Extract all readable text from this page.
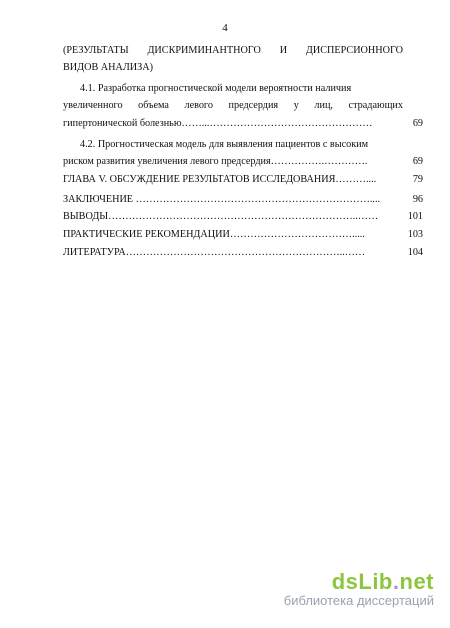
4
(РЕЗУЛЬТАТЫ ДИСКРИМИНАНТНОГО И ДИСПЕРСИОННОГО
ВИДОВ АНАЛИЗА)
4.1. Разработка прогностической модели вероятности наличия
увеличенного объема левого предсердия у лиц, страдающих
гипертонической болезнью……...…………………………………………	69
4.2. Прогностическая модель для выявления пациентов с высоким
риском развития увеличения левого предсердия…………….………….	69
ГЛАВА V. ОБСУЖДЕНИЕ РЕЗУЛЬТАТОВ ИССЛЕДОВАНИЯ………....	79
ЗАКЛЮЧЕНИЕ ……………………………………………………………....	96
ВЫВОДЫ………………………………………………………………..……	101
ПРАКТИЧЕСКИЕ РЕКОМЕНДАЦИИ……………………………….....	103
ЛИТЕРАТУРА………………………………………………………..……	104
dsLib.net
библиотека диссертаций
